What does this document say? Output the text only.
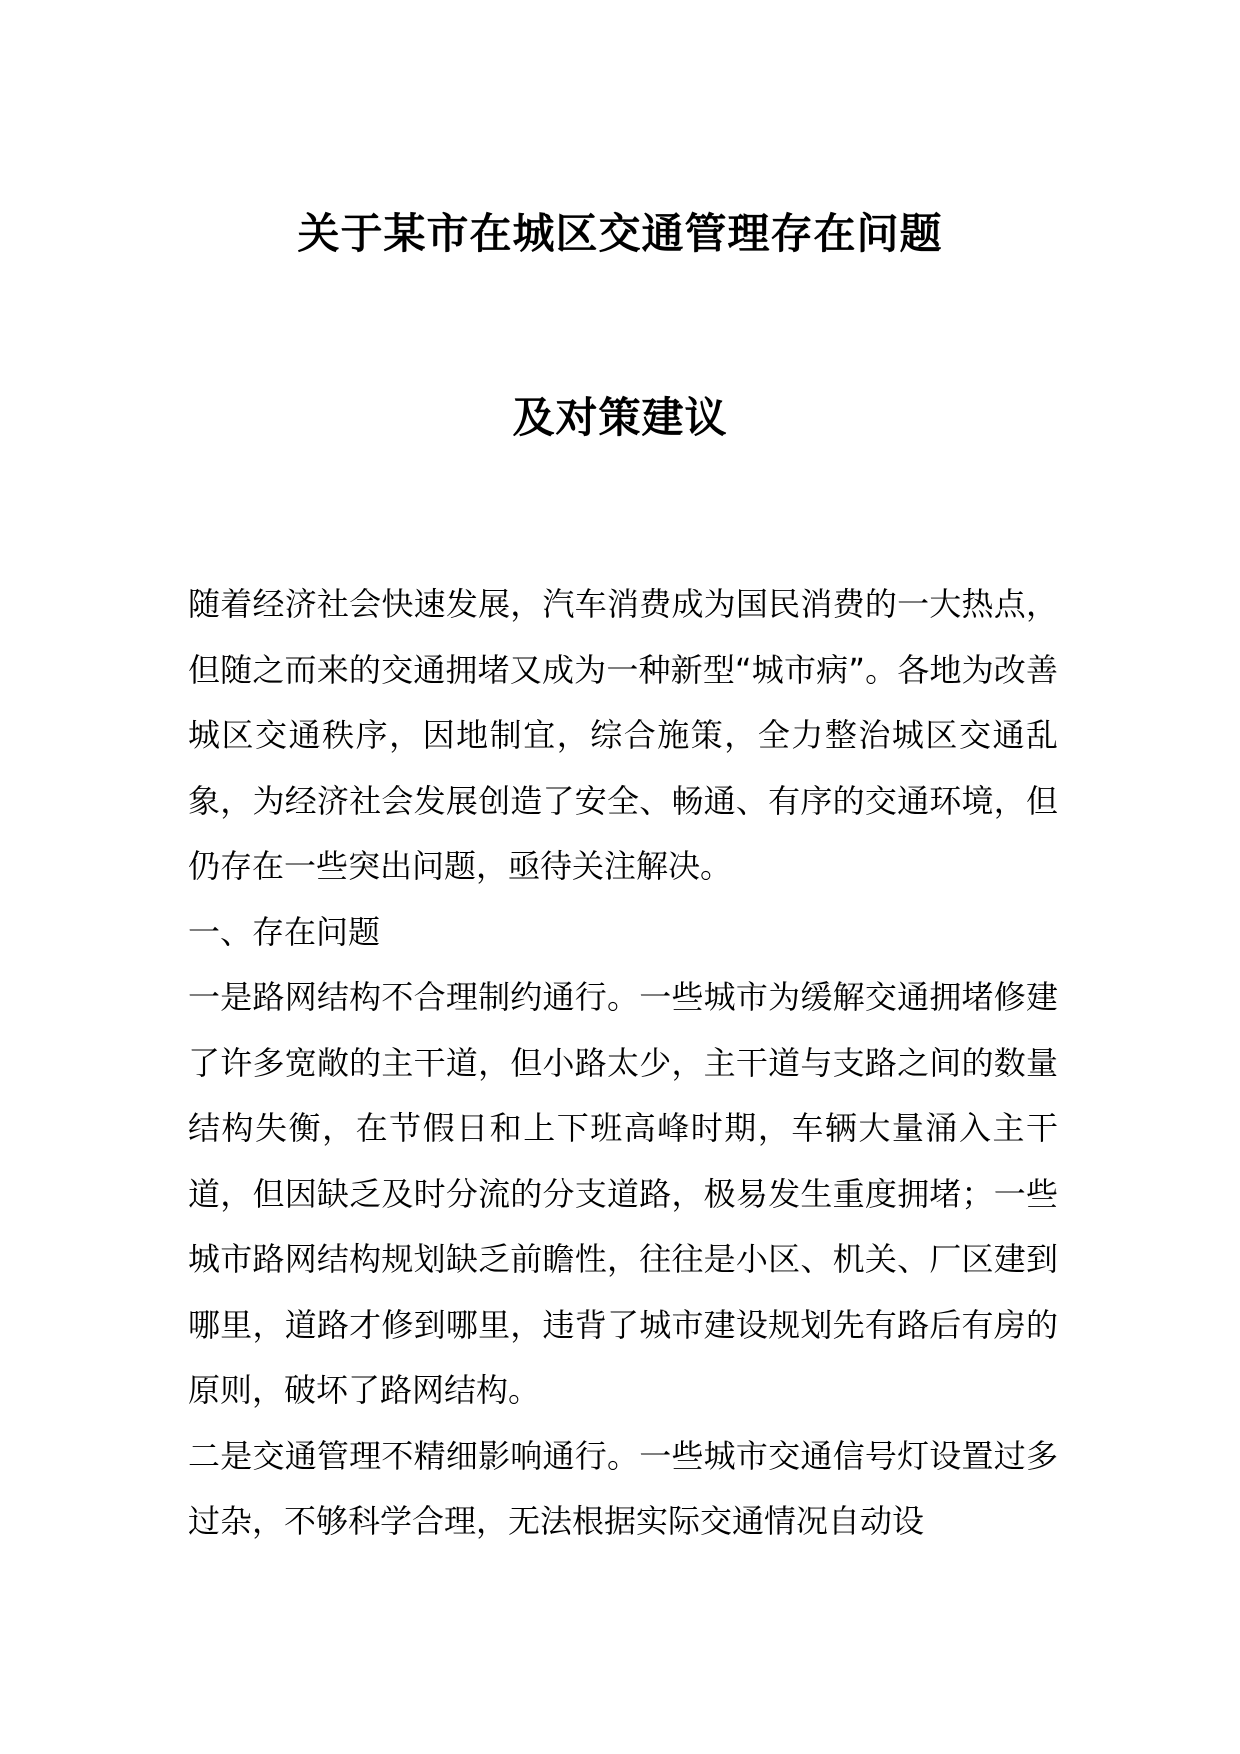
关于某市在城区交通管理存在问题
及对策建议

随着经济社会快速发展，汽车消费成为国民消费的一大热点，但随之而来的交通拥堵又成为一种新型“城市病”。各地为改善城区交通秩序，因地制宜，综合施策，全力整治城区交通乱象，为经济社会发展创造了安全、畅通、有序的交通环境，但仍存在一些突出问题，亟待关注解决。

一、存在问题

一是路网结构不合理制约通行。一些城市为缓解交通拥堵修建了许多宽敞的主干道，但小路太少，主干道与支路之间的数量结构失衡，在节假日和上下班高峰时期，车辆大量涌入主干道，但因缺乏及时分流的分支道路，极易发生重度拥堵；一些城市路网结构规划缺乏前瞻性，往往是小区、机关、厂区建到哪里，道路才修到哪里，违背了城市建设规划先有路后有房的原则，破坏了路网结构。

二是交通管理不精细影响通行。一些城市交通信号灯设置过多过杂，不够科学合理，无法根据实际交通情况自动设
